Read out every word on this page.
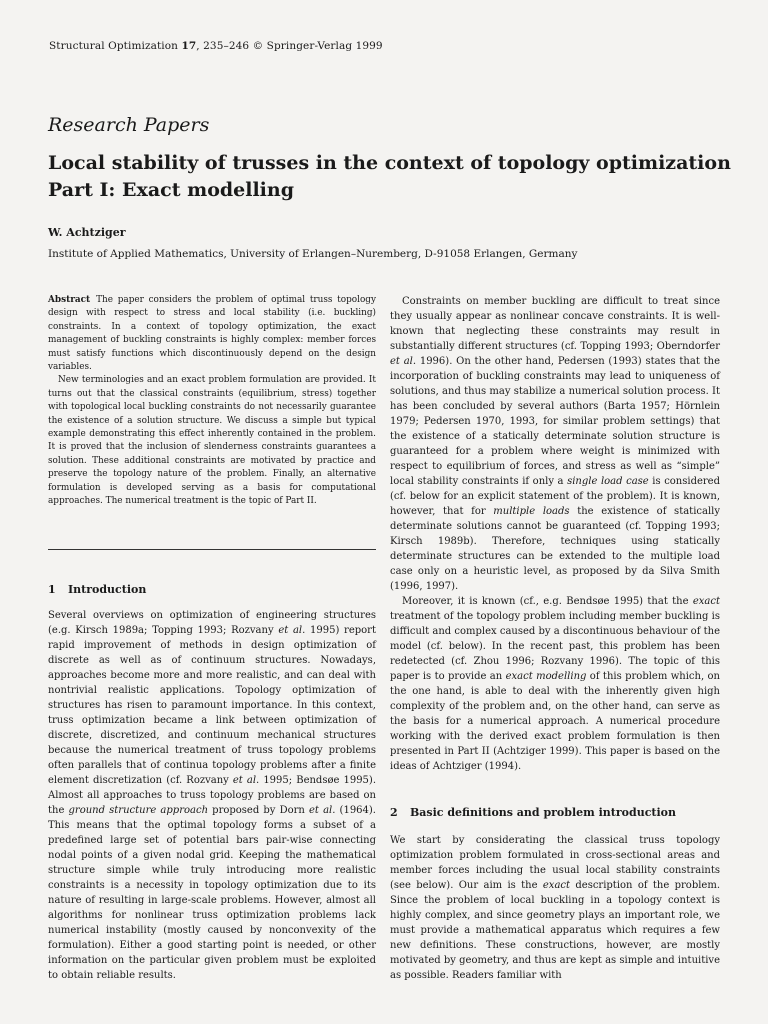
Structural Optimization 17, 235–246 © Springer-Verlag 1999
Research Papers
Local stability of trusses in the context of topology optimization
Part I: Exact modelling
W. Achtziger
Institute of Applied Mathematics, University of Erlangen–Nuremberg, D-91058 Erlangen, Germany

Abstract The paper considers the problem of optimal truss topology design with respect to stress and local stability (i.e. buckling) constraints. In a context of topology optimization, the exact management of buckling constraints is highly complex: member forces must satisfy functions which discontinuously depend on the design variables.

New terminologies and an exact problem formulation are provided. It turns out that the classical constraints (equilibrium, stress) together with topological local buckling constraints do not necessarily guarantee the existence of a solution structure. We discuss a simple but typical example demonstrating this effect inherently contained in the problem. It is proved that the inclusion of slenderness constraints guarantees a solution. These additional constraints are motivated by practice and preserve the topology nature of the problem. Finally, an alternative formulation is developed serving as a basis for computational approaches. The numerical treatment is the topic of Part II.

1 Introduction

Several overviews on optimization of engineering structures (e.g. Kirsch 1989a; Topping 1993; Rozvany et al. 1995) report rapid improvement of methods in design optimization of discrete as well as of continuum structures. Nowadays, approaches become more and more realistic, and can deal with nontrivial realistic applications. Topology optimization of structures has risen to paramount importance. In this context, truss optimization became a link between optimization of discrete, discretized, and continuum mechanical structures because the numerical treatment of truss topology problems often parallels that of continua topology problems after a finite element discretization (cf. Rozvany et al. 1995; Bendsøe 1995). Almost all approaches to truss topology problems are based on the ground structure approach proposed by Dorn et al. (1964). This means that the optimal topology forms a subset of a predefined large set of potential bars pair-wise connecting nodal points of a given nodal grid. Keeping the mathematical structure simple while truly introducing more realistic constraints is a necessity in topology optimization due to its nature of resulting in large-scale problems. However, almost all algorithms for nonlinear truss optimization problems lack numerical instability (mostly caused by nonconvexity of the formulation). Either a good starting point is needed, or other information on the particular given problem must be exploited to obtain reliable results.

Constraints on member buckling are difficult to treat since they usually appear as nonlinear concave constraints. It is well-known that neglecting these constraints may result in substantially different structures (cf. Topping 1993; Oberndorfer et al. 1996). On the other hand, Pedersen (1993) states that the incorporation of buckling constraints may lead to uniqueness of solutions, and thus may stabilize a numerical solution process. It has been concluded by several authors (Barta 1957; Hörnlein 1979; Pedersen 1970, 1993, for similar problem settings) that the existence of a statically determinate solution structure is guaranteed for a problem where weight is minimized with respect to equilibrium of forces, and stress as well as “simple” local stability constraints if only a single load case is considered (cf. below for an explicit statement of the problem). It is known, however, that for multiple loads the existence of statically determinate solutions cannot be guaranteed (cf. Topping 1993; Kirsch 1989b). Therefore, techniques using statically determinate structures can be extended to the multiple load case only on a heuristic level, as proposed by da Silva Smith (1996, 1997).

Moreover, it is known (cf., e.g. Bendsøe 1995) that the exact treatment of the topology problem including member buckling is difficult and complex caused by a discontinuous behaviour of the model (cf. below). In the recent past, this problem has been redetected (cf. Zhou 1996; Rozvany 1996). The topic of this paper is to provide an exact modelling of this problem which, on the one hand, is able to deal with the inherently given high complexity of the problem and, on the other hand, can serve as the basis for a numerical approach. A numerical procedure working with the derived exact problem formulation is then presented in Part II (Achtziger 1999). This paper is based on the ideas of Achtziger (1994).

2 Basic definitions and problem introduction

We start by considerating the classical truss topology optimization problem formulated in cross-sectional areas and member forces including the usual local stability constraints (see below). Our aim is the exact description of the problem. Since the problem of local buckling in a topology context is highly complex, and since geometry plays an important role, we must provide a mathematical apparatus which requires a few new definitions. These constructions, however, are mostly motivated by geometry, and thus are kept as simple and intuitive as possible. Readers familiar with
